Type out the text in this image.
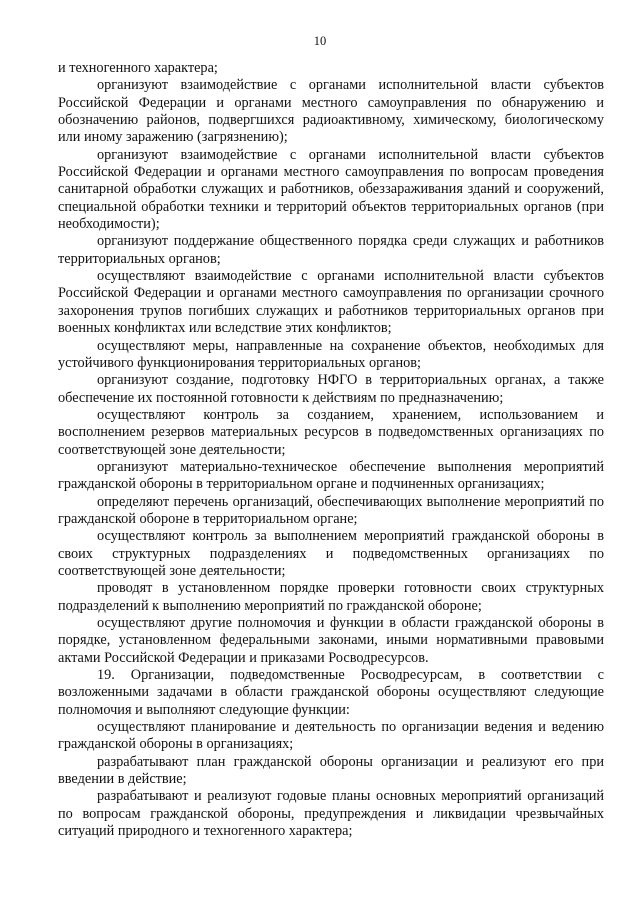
10

и техногенного характера;

организуют взаимодействие с органами исполнительной власти субъектов Российской Федерации и органами местного самоуправления по обнаружению и обозначению районов, подвергшихся радиоактивному, химическому, биологическому или иному заражению (загрязнению);

организуют взаимодействие с органами исполнительной власти субъектов Российской Федерации и органами местного самоуправления по вопросам проведения санитарной обработки служащих и работников, обеззараживания зданий и сооружений, специальной обработки техники и территорий объектов территориальных органов (при необходимости);

организуют поддержание общественного порядка среди служащих и работников территориальных органов;

осуществляют взаимодействие с органами исполнительной власти субъектов Российской Федерации и органами местного самоуправления по организации срочного захоронения трупов погибших служащих и работников территориальных органов при военных конфликтах или вследствие этих конфликтов;

осуществляют меры, направленные на сохранение объектов, необходимых для устойчивого функционирования территориальных органов;

организуют создание, подготовку НФГО в территориальных органах, а также обеспечение их постоянной готовности к действиям по предназначению;

осуществляют контроль за созданием, хранением, использованием и восполнением резервов материальных ресурсов в подведомственных организациях по соответствующей зоне деятельности;

организуют материально-техническое обеспечение выполнения мероприятий гражданской обороны в территориальном органе и подчиненных организациях;

определяют перечень организаций, обеспечивающих выполнение мероприятий по гражданской обороне в территориальном органе;

осуществляют контроль за выполнением мероприятий гражданской обороны в своих структурных подразделениях и подведомственных организациях по соответствующей зоне деятельности;

проводят в установленном порядке проверки готовности своих структурных подразделений к выполнению мероприятий по гражданской обороне;

осуществляют другие полномочия и функции в области гражданской обороны в порядке, установленном федеральными законами, иными нормативными правовыми актами Российской Федерации и приказами Росводресурсов.

19. Организации, подведомственные Росводресурсам, в соответствии с возложенными задачами в области гражданской обороны осуществляют следующие полномочия и выполняют следующие функции:

осуществляют планирование и деятельность по организации ведения и ведению гражданской обороны в организациях;

разрабатывают план гражданской обороны организации и реализуют его при введении в действие;

разрабатывают и реализуют годовые планы основных мероприятий организаций по вопросам гражданской обороны, предупреждения и ликвидации чрезвычайных ситуаций природного и техногенного характера;
